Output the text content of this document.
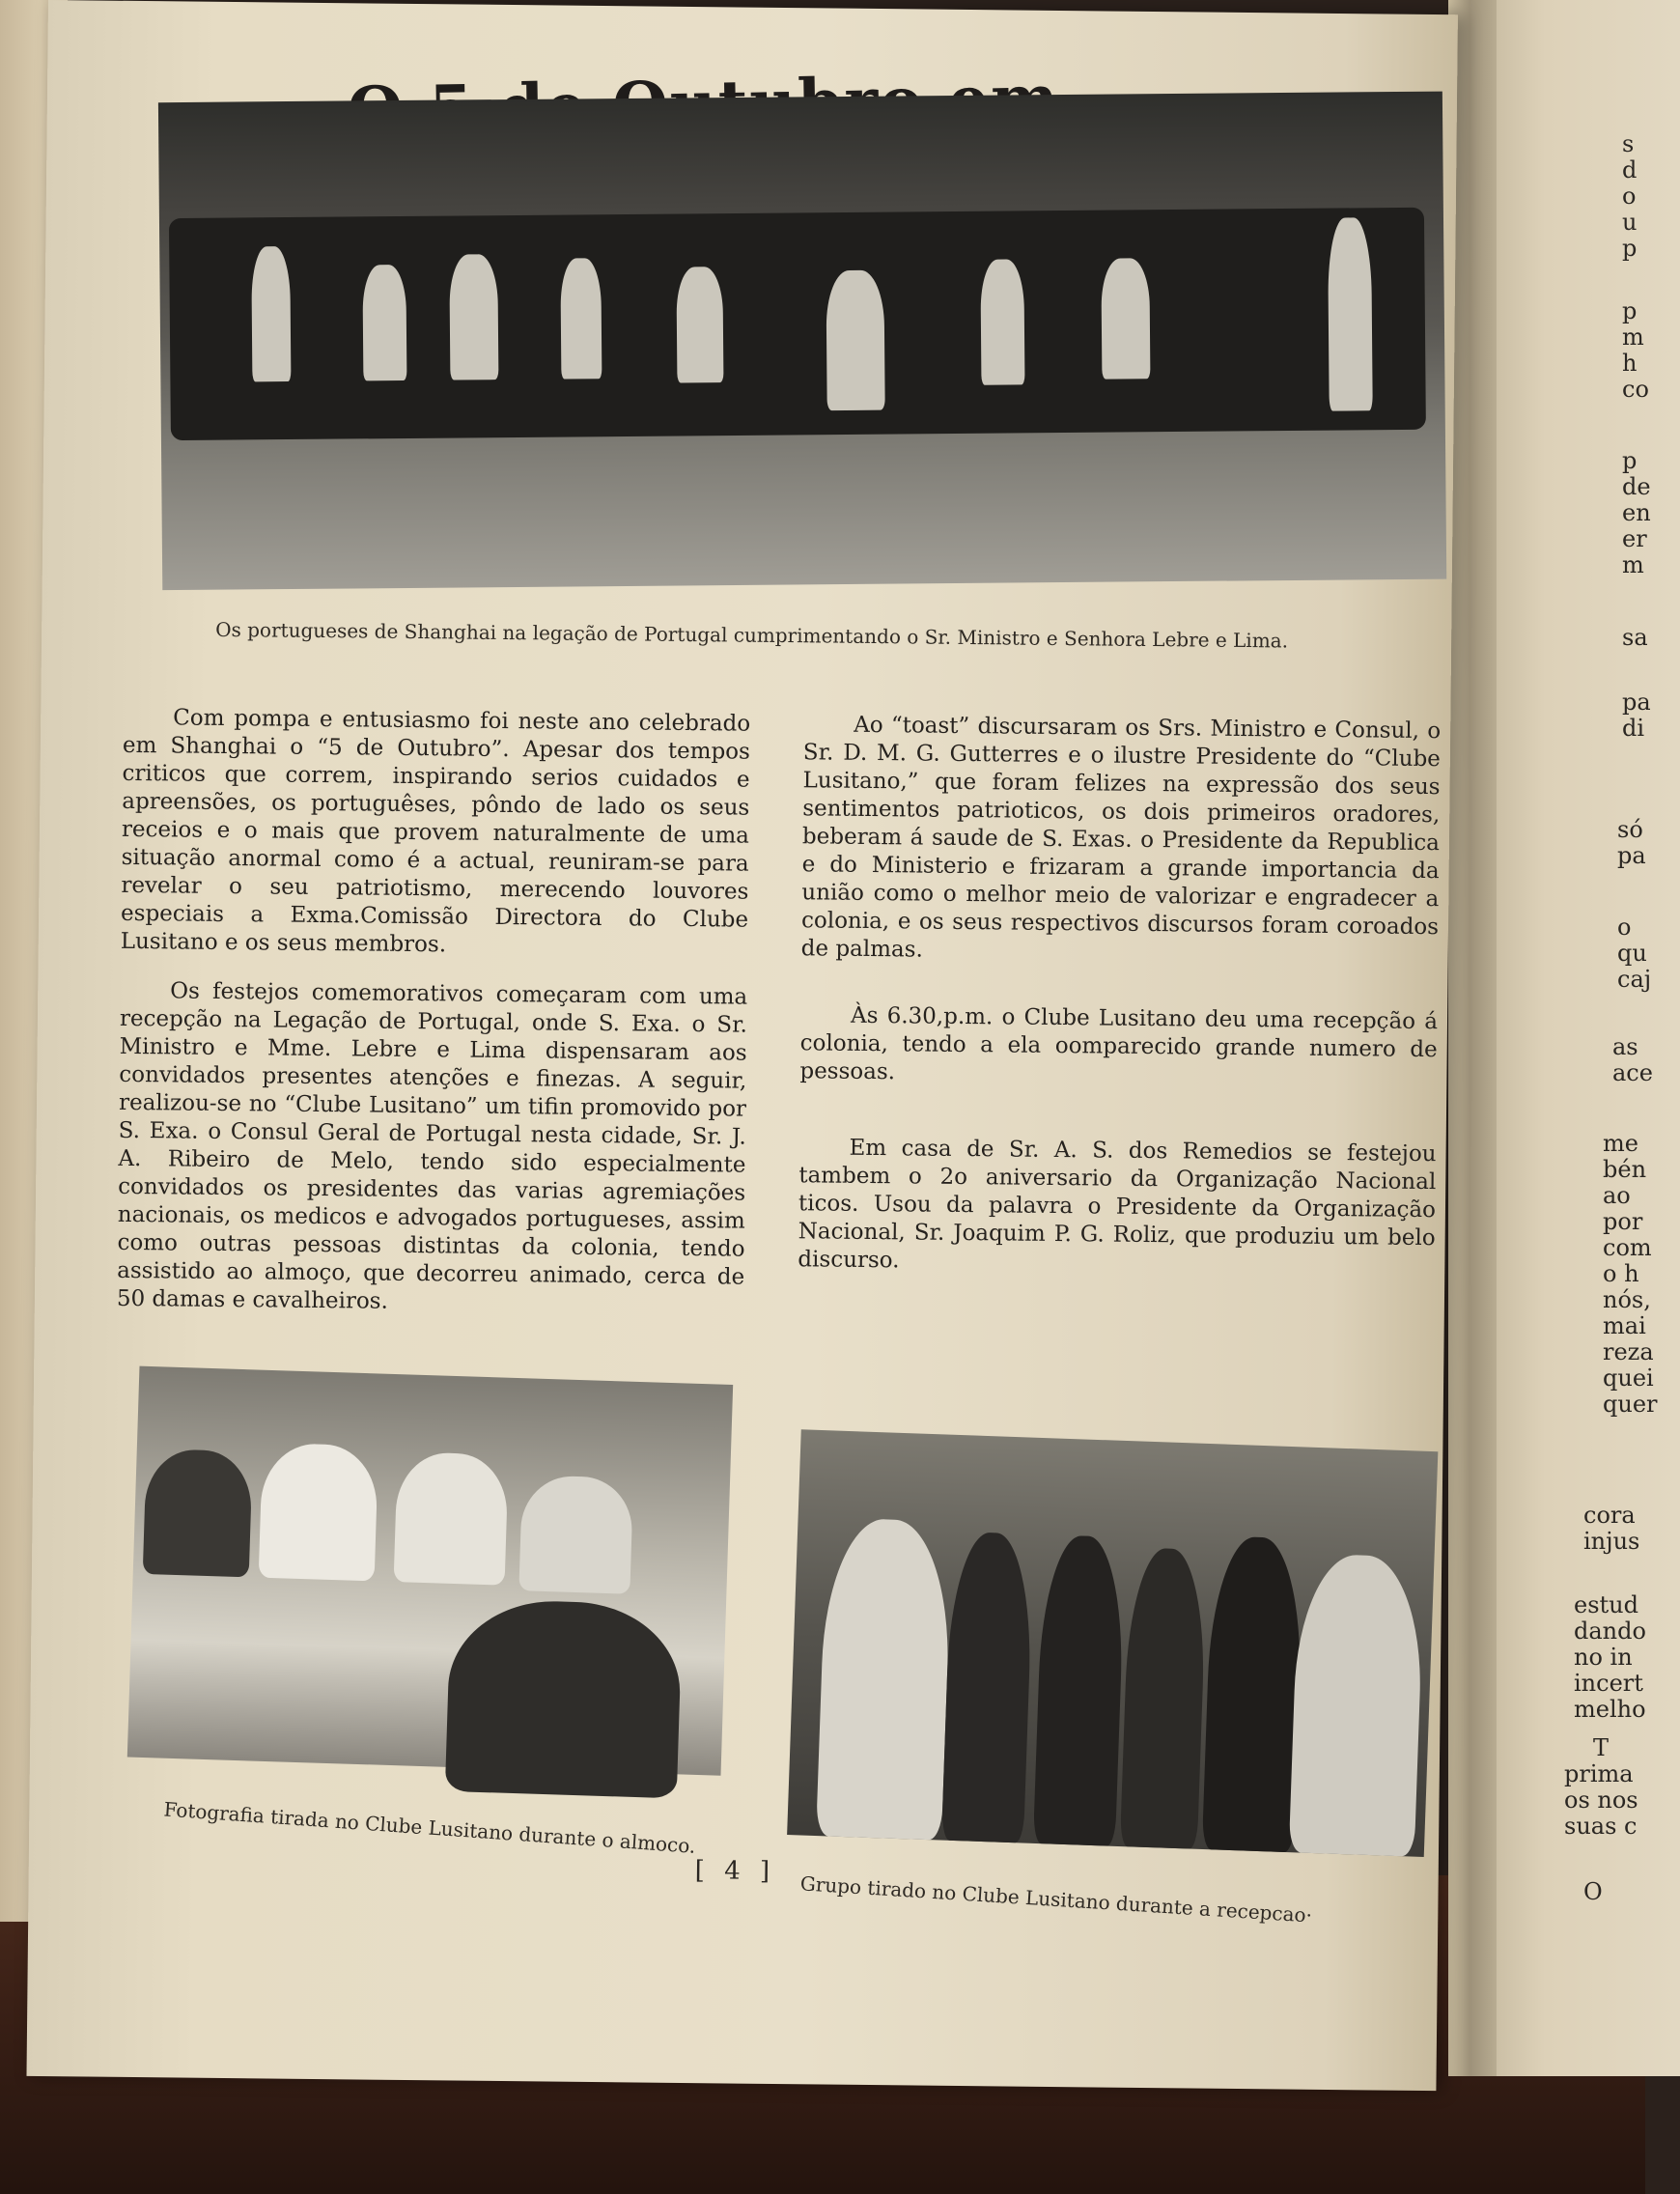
s
d
o
u
p
p
m
h
co
p
de
en
er
m
sa
pa
di
só
pa
o
qu
caj
as
ace
me
bén
ao
por
com
o h
nós,
mai
reza
quei
quer
cora
injus
estud
dando
no in
incert
melho
T
prima
os nos
suas c
O
Os portugueses de Shanghai na legação de Portugal cumprimentando o Sr. Ministro e Senhora Lebre e Lima.

Com pompa e entusiasmo foi neste ano celebrado em Shanghai o “5 de Outubro”. Apesar dos tempos criticos que correm, inspirando serios cuidados e apreensões, os portuguêses, pôndo de lado os seus receios e o mais que provem naturalmente de uma situação anormal como é a actual, reuniram-se para revelar o seu patriotismo, merecendo louvores especiais a Exma.Comissão Directora do Clube Lusitano e os seus membros.

Os festejos comemorativos começaram com uma recepção na Legação de Portugal, onde S. Exa. o Sr. Ministro e Mme. Lebre e Lima dispensaram aos convidados presentes atenções e finezas. A seguir, realizou-se no “Clube Lusitano” um tifin promovido por S. Exa. o Consul Geral de Portugal nesta cidade, Sr. J. A. Ribeiro de Melo, tendo sido especialmente convidados os presidentes das varias agremiações nacionais, os medicos e advogados portugueses, assim como outras pessoas distintas da colonia, tendo assistido ao almoço, que decorreu animado, cerca de 50 damas e cavalheiros.

Ao “toast” discursaram os Srs. Ministro e Consul, o Sr. D. M. G. Gutterres e o ilustre Presidente do “Clube Lusitano,” que foram felizes na expressão dos seus sentimentos patrioticos, os dois primeiros oradores, beberam á saude de S. Exas. o Presidente da Republica e do Ministerio e frizaram a grande importancia da união como o melhor meio de valorizar e engradecer a colonia, e os seus respectivos discursos foram coroados de palmas.

Às 6.30,p.m. o Clube Lusitano deu uma recepção á colonia, tendo a ela oomparecido grande numero de pessoas.

Em casa de Sr. A. S. dos Remedios se festejou tambem o 2o aniversario da Organização Nacional ticos. Usou da palavra o Presidente da Organização Nacional, Sr. Joaquim P. G. Roliz, que produziu um belo discurso.

Fotografia tirada no Clube Lusitano durante o almoco.
Grupo tirado no Clube Lusitano durante a recepcao·
[ 4 ]
